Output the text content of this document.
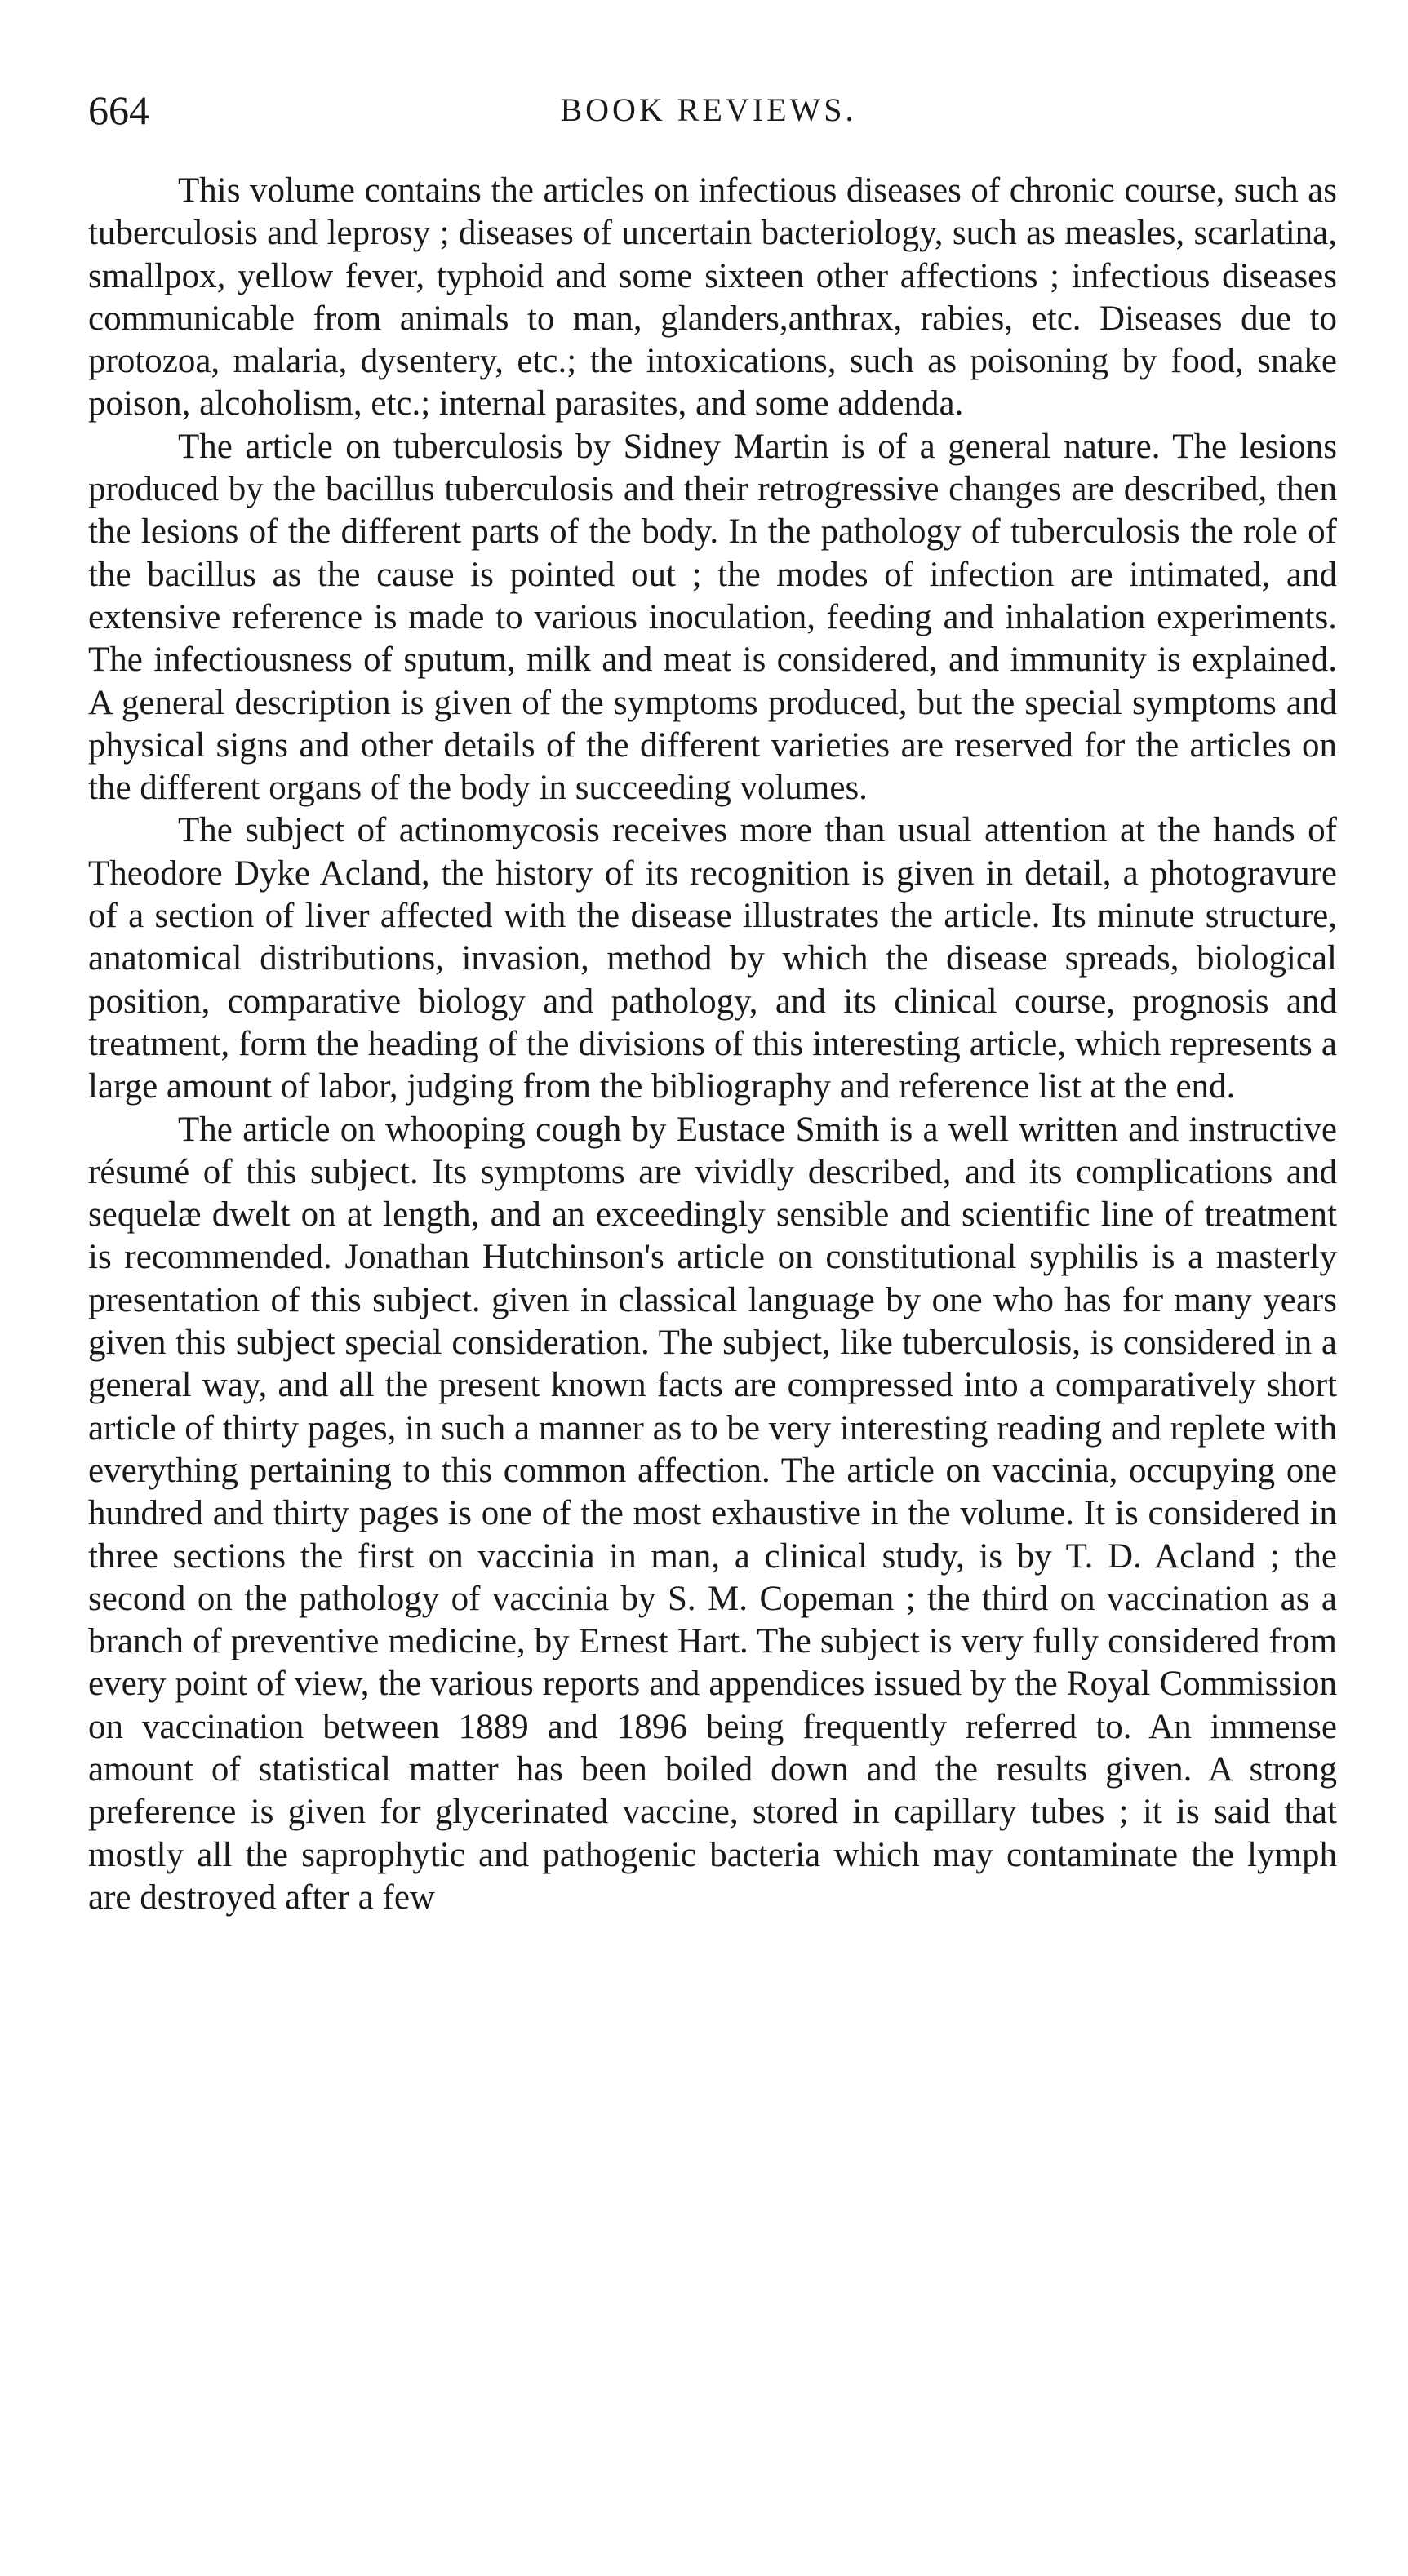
664	BOOK REVIEWS.

This volume contains the articles on infectious diseases of chronic course, such as tuberculosis and leprosy ; diseases of uncertain bacteriology, such as measles, scarlatina, smallpox, yellow fever, typhoid and some sixteen other affections ; infectious diseases communicable from animals to man, glanders,anthrax, rabies, etc. Diseases due to protozoa, malaria, dysentery, etc.; the intoxications, such as poisoning by food, snake poison, alcoholism, etc.; internal parasites, and some addenda.

The article on tuberculosis by Sidney Martin is of a general nature. The lesions produced by the bacillus tuberculosis and their retrogressive changes are described, then the lesions of the different parts of the body. In the pathology of tuberculosis the role of the bacillus as the cause is pointed out ; the modes of infection are intimated, and extensive reference is made to various inoculation, feeding and inhalation experiments. The infectiousness of sputum, milk and meat is considered, and immunity is explained. A general description is given of the symptoms produced, but the special symptoms and physical signs and other details of the different varieties are reserved for the articles on the different organs of the body in succeeding volumes.

The subject of actinomycosis receives more than usual attention at the hands of Theodore Dyke Acland, the history of its recognition is given in detail, a photogravure of a section of liver affected with the disease illustrates the article. Its minute structure, anatomical distributions, invasion, method by which the disease spreads, biological position, comparative biology and pathology, and its clinical course, prognosis and treatment, form the heading of the divisions of this interesting article, which represents a large amount of labor, judging from the bibliography and reference list at the end.

The article on whooping cough by Eustace Smith is a well written and instructive résumé of this subject. Its symptoms are vividly described, and its complications and sequelæ dwelt on at length, and an exceedingly sensible and scientific line of treatment is recommended. Jonathan Hutchinson's article on constitutional syphilis is a masterly presentation of this subject. given in classical language by one who has for many years given this subject special consideration. The subject, like tuberculosis, is considered in a general way, and all the present known facts are compressed into a comparatively short article of thirty pages, in such a manner as to be very interesting reading and replete with everything pertaining to this common affection. The article on vaccinia, occupying one hundred and thirty pages is one of the most exhaustive in the volume. It is considered in three sections the first on vaccinia in man, a clinical study, is by T. D. Acland ; the second on the pathology of vaccinia by S. M. Copeman ; the third on vaccination as a branch of preventive medicine, by Ernest Hart. The subject is very fully considered from every point of view, the various reports and appendices issued by the Royal Commission on vaccination between 1889 and 1896 being frequently referred to. An immense amount of statistical matter has been boiled down and the results given. A strong preference is given for glycerinated vaccine, stored in capillary tubes ; it is said that mostly all the saprophytic and pathogenic bacteria which may contaminate the lymph are destroyed after a few
